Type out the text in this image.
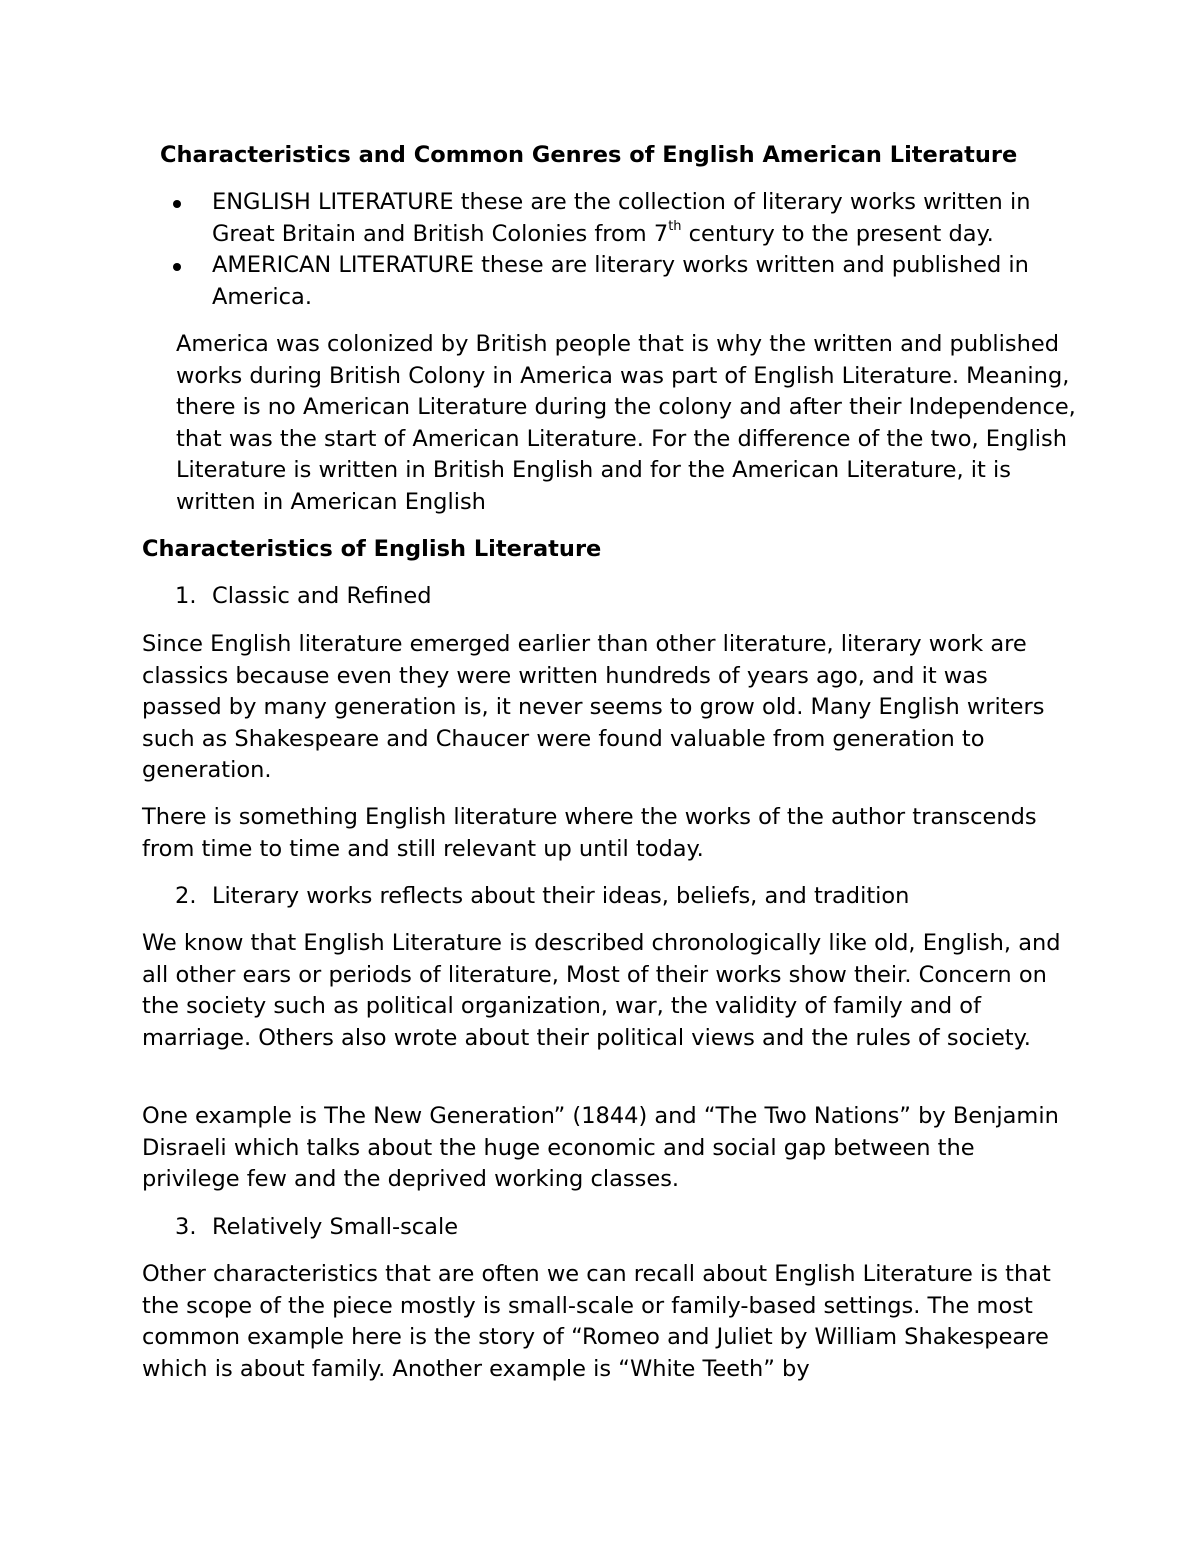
Characteristics and Common Genres of English American Literature

ENGLISH LITERATURE these are the collection of literary works written in Great Britain and British Colonies from 7th century to the present day.
AMERICAN LITERATURE these are literary works written and published in America.

America was colonized by British people that is why the written and published works during British Colony in America was part of English Literature. Meaning, there is no American Literature during the colony and after their Independence, that was the start of American Literature. For the difference of the two, English Literature is written in British English and for the American Literature, it is written in American English

Characteristics of English Literature

1. Classic and Refined

Since English literature emerged earlier than other literature, literary work are classics because even they were written hundreds of years ago, and it was passed by many generation is, it never seems to grow old. Many English writers such as Shakespeare and Chaucer were found valuable from generation to generation.

There is something English literature where the works of the author transcends from time to time and still relevant up until today.

2. Literary works reflects about their ideas, beliefs, and tradition

We know that English Literature is described chronologically like old, English, and all other ears or periods of literature, Most of their works show their. Concern on the society such as political organization, war, the validity of family and of marriage. Others also wrote about their political views and the rules of society.

One example is The New Generation” (1844) and “The Two Nations” by Benjamin Disraeli which talks about the huge economic and social gap between the privilege few and the deprived working classes.

3. Relatively Small-scale

Other characteristics that are often we can recall about English Literature is that the scope of the piece mostly is small-scale or family-based settings. The most common example here is the story of “Romeo and Juliet by William Shakespeare which is about family. Another example is “White Teeth” by
